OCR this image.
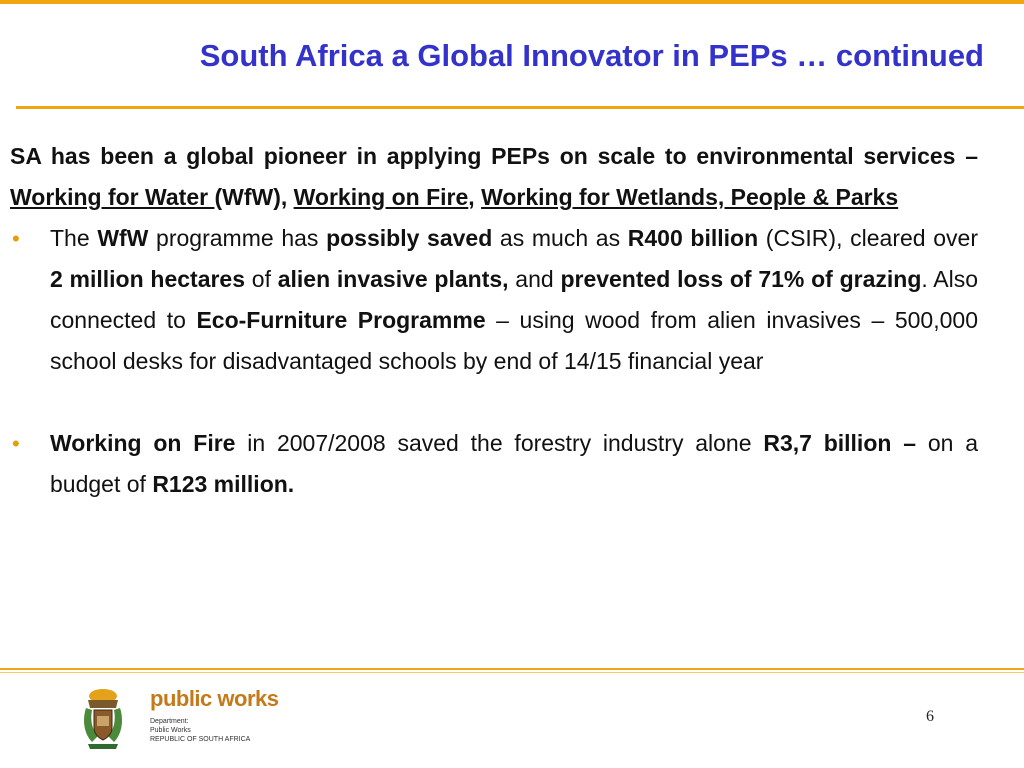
South Africa a Global Innovator in PEPs … continued

SA has been a global pioneer in applying PEPs on scale to environmental services – Working for Water (WfW), Working on Fire, Working for Wetlands, People & Parks

• The WfW programme has possibly saved as much as R400 billion (CSIR), cleared over 2 million hectares of alien invasive plants, and prevented loss of 71% of grazing. Also connected to Eco-Furniture Programme – using wood from alien invasives – 500,000 school desks for disadvantaged schools by end of 14/15 financial year
• Working on Fire in 2007/2008 saved the forestry industry alone R3,7 billion – on a budget of R123 million.
public works
Department:
Public Works
REPUBLIC OF SOUTH AFRICA
6
